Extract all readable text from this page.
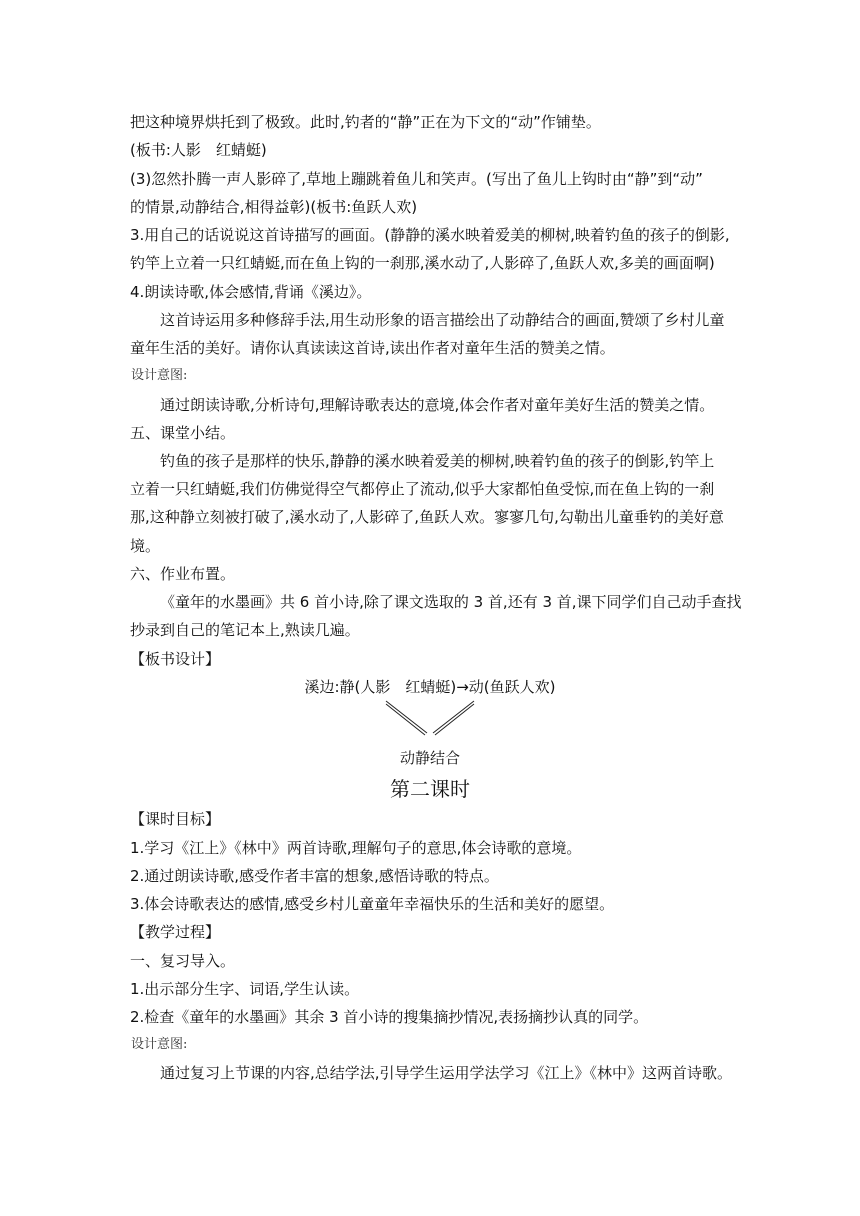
把这种境界烘托到了极致。此时,钓者的“静”正在为下文的“动”作铺垫。
(板书:人影　红蜻蜓)
(3)忽然扑腾一声人影碎了,草地上蹦跳着鱼儿和笑声。(写出了鱼儿上钩时由“静”到“动”
的情景,动静结合,相得益彰)(板书:鱼跃人欢)
3.用自己的话说说这首诗描写的画面。(静静的溪水映着爱美的柳树,映着钓鱼的孩子的倒影,
钓竿上立着一只红蜻蜓,而在鱼上钩的一刹那,溪水动了,人影碎了,鱼跃人欢,多美的画面啊)
4.朗读诗歌,体会感情,背诵《溪边》。
这首诗运用多种修辞手法,用生动形象的语言描绘出了动静结合的画面,赞颂了乡村儿童
童年生活的美好。请你认真读读这首诗,读出作者对童年生活的赞美之情。
设计意图:
通过朗读诗歌,分析诗句,理解诗歌表达的意境,体会作者对童年美好生活的赞美之情。
五、课堂小结。
钓鱼的孩子是那样的快乐,静静的溪水映着爱美的柳树,映着钓鱼的孩子的倒影,钓竿上
立着一只红蜻蜓,我们仿佛觉得空气都停止了流动,似乎大家都怕鱼受惊,而在鱼上钩的一刹
那,这种静立刻被打破了,溪水动了,人影碎了,鱼跃人欢。寥寥几句,勾勒出儿童垂钓的美好意
境。
六、作业布置。
《童年的水墨画》共 6 首小诗,除了课文选取的 3 首,还有 3 首,课下同学们自己动手查找
抄录到自己的笔记本上,熟读几遍。
【板书设计】
溪边:静(人影　红蜻蜓)→动(鱼跃人欢)
动静结合
第二课时
【课时目标】
1.学习《江上》《林中》两首诗歌,理解句子的意思,体会诗歌的意境。
2.通过朗读诗歌,感受作者丰富的想象,感悟诗歌的特点。
3.体会诗歌表达的感情,感受乡村儿童童年幸福快乐的生活和美好的愿望。
【教学过程】
一、复习导入。
1.出示部分生字、词语,学生认读。
2.检查《童年的水墨画》其余 3 首小诗的搜集摘抄情况,表扬摘抄认真的同学。
设计意图:
通过复习上节课的内容,总结学法,引导学生运用学法学习《江上》《林中》这两首诗歌。
